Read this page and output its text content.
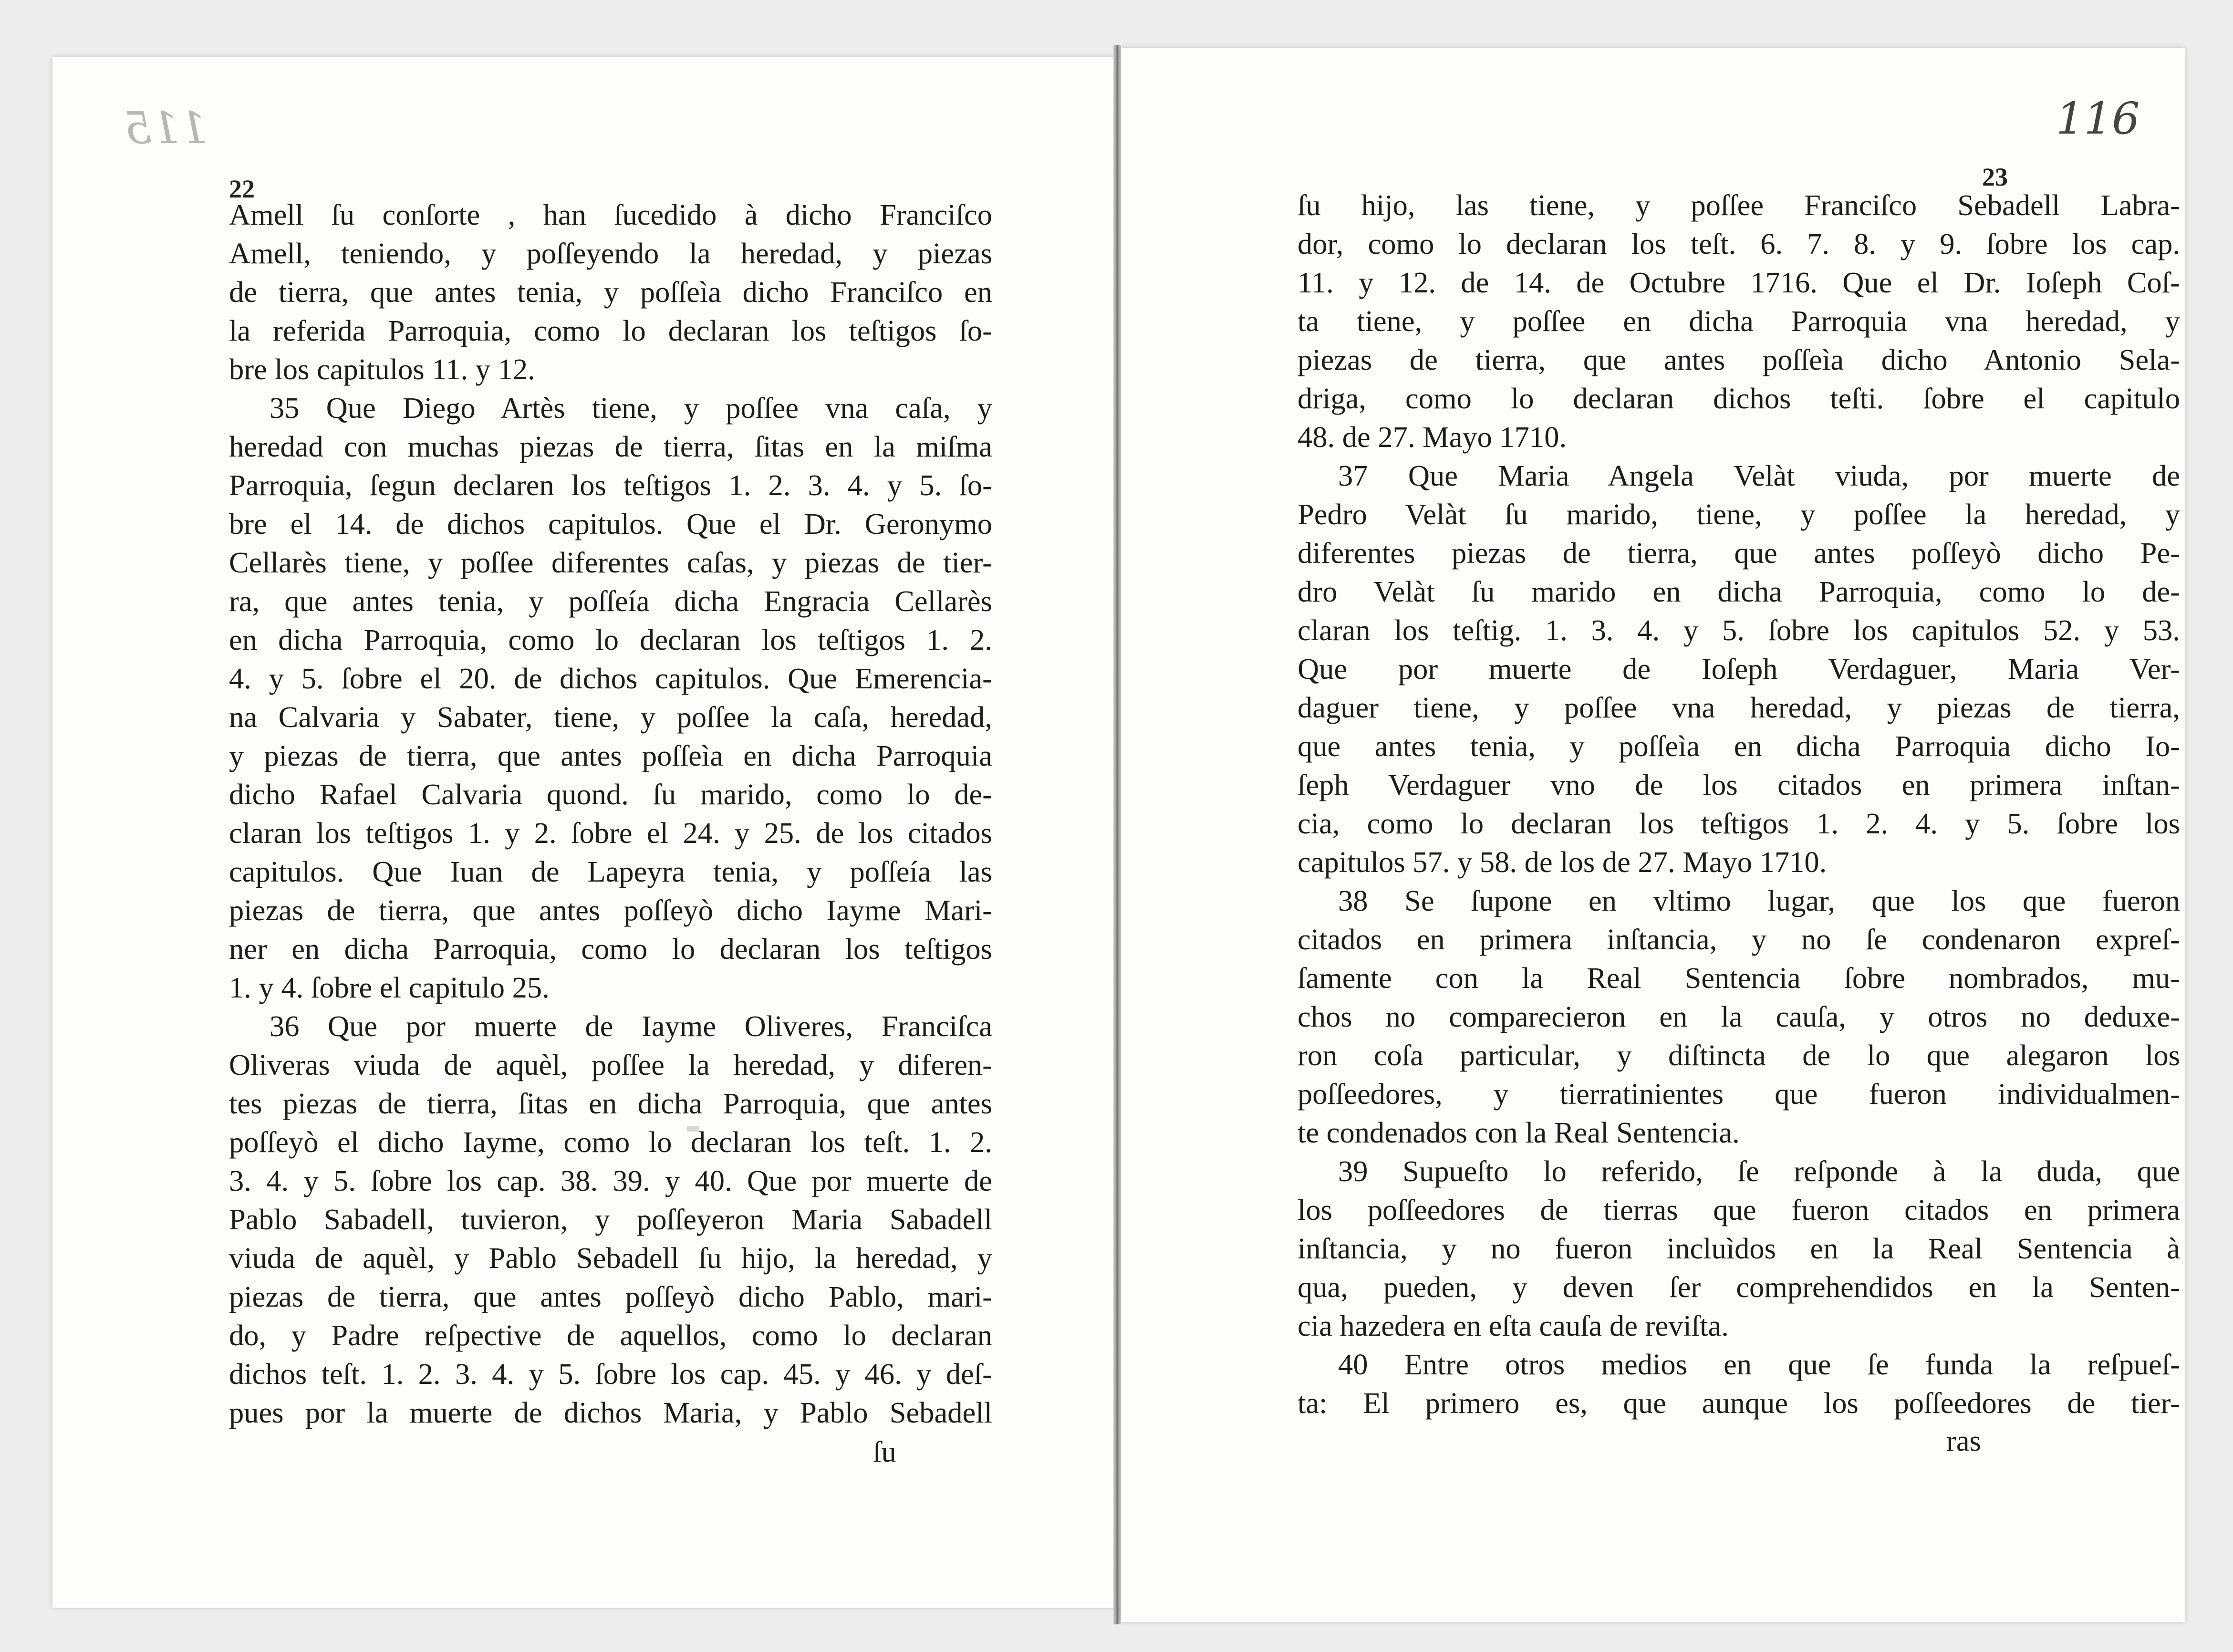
115
22
Amell ſu conſorte , han ſucedido à dicho Franciſco
Amell, teniendo, y poſſeyendo la heredad, y piezas
de tierra, que antes tenia, y poſſeìa dicho Franciſco en
la referida Parroquia, como lo declaran los teſtigos ſo-
bre los capitulos 11. y 12.
35 Que Diego Artès tiene, y poſſee vna caſa, y
heredad con muchas piezas de tierra, ſitas en la miſma
Parroquia, ſegun declaren los teſtigos 1. 2. 3. 4. y 5. ſo-
bre el 14. de dichos capitulos. Que el Dr. Geronymo
Cellarès tiene, y poſſee diferentes caſas, y piezas de tier-
ra, que antes tenia, y poſſeía dicha Engracia Cellarès
en dicha Parroquia, como lo declaran los teſtigos 1. 2.
4. y 5. ſobre el 20. de dichos capitulos. Que Emerencia-
na Calvaria y Sabater, tiene, y poſſee la caſa, heredad,
y piezas de tierra, que antes poſſeìa en dicha Parroquia
dicho Rafael Calvaria quond. ſu marido, como lo de-
claran los teſtigos 1. y 2. ſobre el 24. y 25. de los citados
capitulos. Que Iuan de Lapeyra tenia, y poſſeía las
piezas de tierra, que antes poſſeyò dicho Iayme Mari-
ner en dicha Parroquia, como lo declaran los teſtigos
1. y 4. ſobre el capitulo 25.
36 Que por muerte de Iayme Oliveres, Franciſca
Oliveras viuda de aquèl, poſſee la heredad, y diferen-
tes piezas de tierra, ſitas en dicha Parroquia, que antes
poſſeyò el dicho Iayme, como lo declaran los teſt. 1. 2.
3. 4. y 5. ſobre los cap. 38. 39. y 40. Que por muerte de
Pablo Sabadell, tuvieron, y poſſeyeron Maria Sabadell
viuda de aquèl, y Pablo Sebadell ſu hijo, la heredad, y
piezas de tierra, que antes poſſeyò dicho Pablo, mari-
do, y Padre reſpective de aquellos, como lo declaran
dichos teſt. 1. 2. 3. 4. y 5. ſobre los cap. 45. y 46. y deſ-
pues por la muerte de dichos Maria, y Pablo Sebadell
ſu
116
23
ſu hijo, las tiene, y poſſee Franciſco Sebadell Labra-
dor, como lo declaran los teſt. 6. 7. 8. y 9. ſobre los cap.
11. y 12. de 14. de Octubre 1716. Que el Dr. Ioſeph Coſ-
ta tiene, y poſſee en dicha Parroquia vna heredad, y
piezas de tierra, que antes poſſeìa dicho Antonio Sela-
driga, como lo declaran dichos teſti. ſobre el capitulo
48. de 27. Mayo 1710.
37 Que Maria Angela Velàt viuda, por muerte de
Pedro Velàt ſu marido, tiene, y poſſee la heredad, y
diferentes piezas de tierra, que antes poſſeyò dicho Pe-
dro Velàt ſu marido en dicha Parroquia, como lo de-
claran los teſtig. 1. 3. 4. y 5. ſobre los capitulos 52. y 53.
Que por muerte de Ioſeph Verdaguer, Maria Ver-
daguer tiene, y poſſee vna heredad, y piezas de tierra,
que antes tenia, y poſſeìa en dicha Parroquia dicho Io-
ſeph Verdaguer vno de los citados en primera inſtan-
cia, como lo declaran los teſtigos 1. 2. 4. y 5. ſobre los
capitulos 57. y 58. de los de 27. Mayo 1710.
38 Se ſupone en vltimo lugar, que los que fueron
citados en primera inſtancia, y no ſe condenaron expreſ-
ſamente con la Real Sentencia ſobre nombrados, mu-
chos no comparecieron en la cauſa, y otros no deduxe-
ron coſa particular, y diſtincta de lo que alegaron los
poſſeedores, y tierratinientes que fueron individualmen-
te condenados con la Real Sentencia.
39 Supueſto lo referido, ſe reſponde à la duda, que
los poſſeedores de tierras que fueron citados en primera
inſtancia, y no fueron incluìdos en la Real Sentencia à
qua, pueden, y deven ſer comprehendidos en la Senten-
cia hazedera en eſta cauſa de reviſta.
40 Entre otros medios en que ſe funda la reſpueſ-
ta: El primero es, que aunque los poſſeedores de tier-
ras
